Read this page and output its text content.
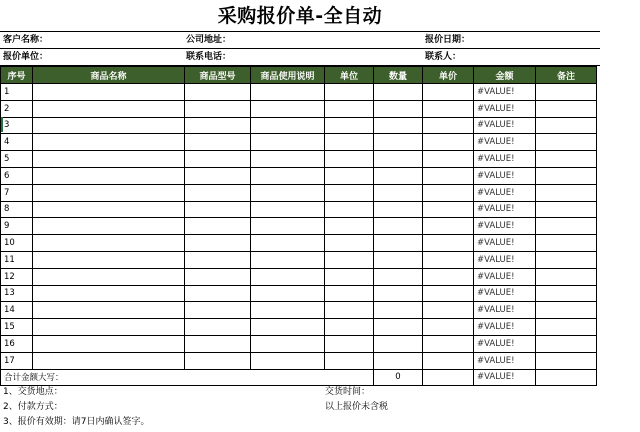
采购报价单-全自动
客户名称：	公司地址：	报价日期：
报价单位：	联系电话：	联系人：
序号	商品名称	商品型号	商品使用说明	单位	数量	单价	金额	备注
1							#VALUE!	
2							#VALUE!	
3							#VALUE!	
4							#VALUE!	
5							#VALUE!	
6							#VALUE!	
7							#VALUE!	
8							#VALUE!	
9							#VALUE!	
10							#VALUE!	
11							#VALUE!	
12							#VALUE!	
13							#VALUE!	
14							#VALUE!	
15							#VALUE!	
16							#VALUE!	
17							#VALUE!	
合计金额大写：					0		#VALUE!	
1、交货地点：	交货时间：
2、付款方式：	以上报价未含税
3、报价有效期：请7日内确认签字。
